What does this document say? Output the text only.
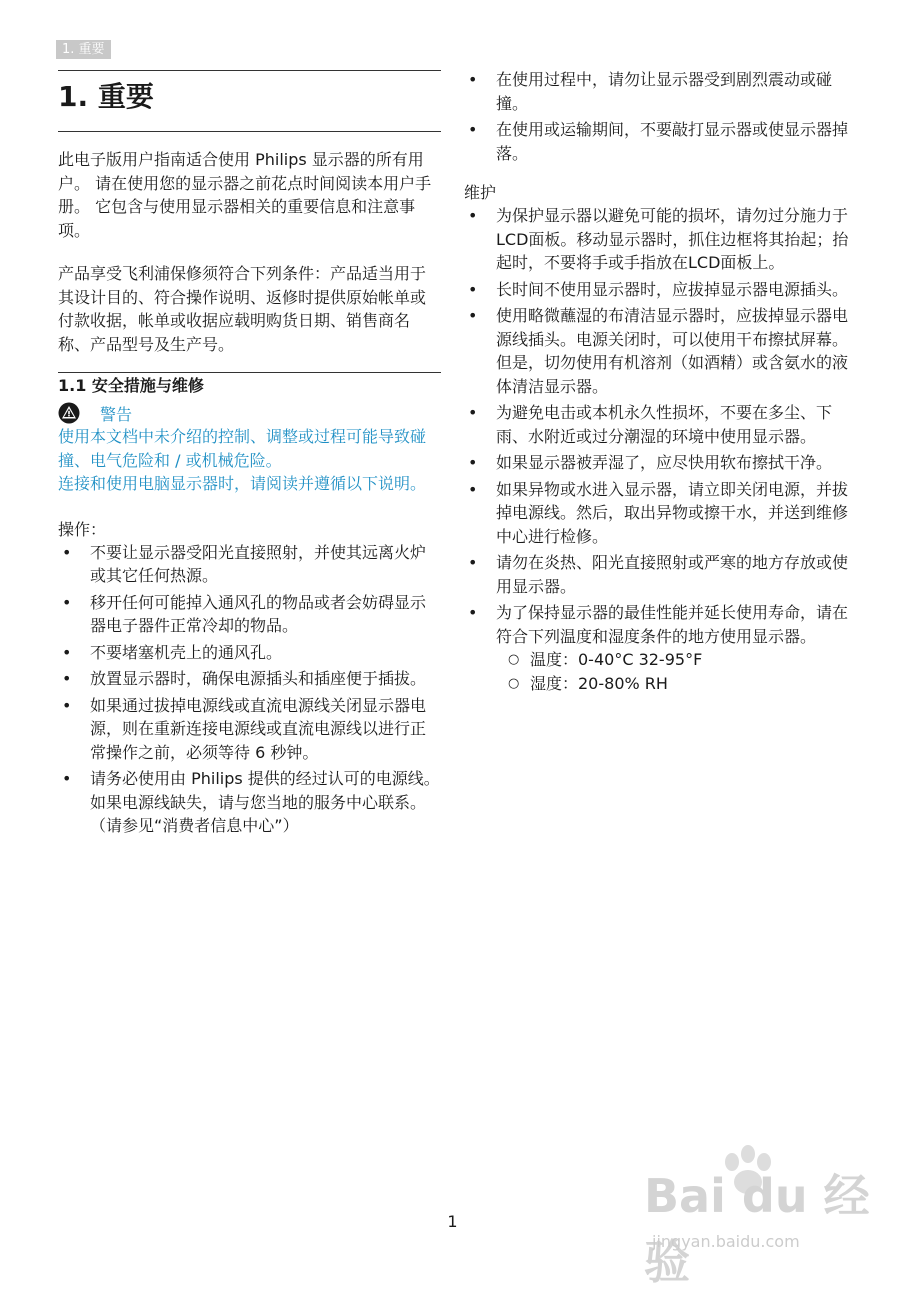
1. 重要
1. 重要

此电子版用户指南适合使用 Philips 显示器的所有用户。 请在使用您的显示器之前花点时间阅读本用户手册。 它包含与使用显示器相关的重要信息和注意事项。

产品享受飞利浦保修须符合下列条件：产品适当用于其设计目的、符合操作说明、返修时提供原始帐单或付款收据，帐单或收据应载明购货日期、销售商名称、产品型号及生产号。

1.1 安全措施与维修
警告

使用本文档中未介绍的控制、调整或过程可能导致碰撞、电气危险和 / 或机械危险。

连接和使用电脑显示器时，请阅读并遵循以下说明。

操作：

• 不要让显示器受阳光直接照射，并使其远离火炉或其它任何热源。
• 移开任何可能掉入通风孔的物品或者会妨碍显示器电子器件正常冷却的物品。
• 不要堵塞机壳上的通风孔。
• 放置显示器时，确保电源插头和插座便于插拔。
• 如果通过拔掉电源线或直流电源线关闭显示器电源，则在重新连接电源线或直流电源线以进行正常操作之前，必须等待 6 秒钟。
• 请务必使用由 Philips 提供的经过认可的电源线。如果电源线缺失，请与您当地的服务中心联系。（请参见“消费者信息中心”）
• 在使用过程中，请勿让显示器受到剧烈震动或碰撞。
• 在使用或运输期间，不要敲打显示器或使显示器掉落。

维护

• 为保护显示器以避免可能的损坏，请勿过分施力于LCD面板。移动显示器时，抓住边框将其抬起；抬起时，不要将手或手指放在LCD面板上。
• 长时间不使用显示器时，应拔掉显示器电源插头。
• 使用略微蘸湿的布清洁显示器时，应拔掉显示器电源线插头。电源关闭时，可以使用干布擦拭屏幕。但是，切勿使用有机溶剂（如酒精）或含氨水的液体清洁显示器。
• 为避免电击或本机永久性损坏，不要在多尘、下雨、水附近或过分潮湿的环境中使用显示器。
• 如果显示器被弄湿了，应尽快用软布擦拭干净。
• 如果异物或水进入显示器，请立即关闭电源，并拔掉电源线。然后，取出异物或擦干水，并送到维修中心进行检修。
• 请勿在炎热、阳光直接照射或严寒的地方存放或使用显示器。
• 为了保持显示器的最佳性能并延长使用寿命，请在符合下列温度和湿度条件的地方使用显示器。
○ 温度：0-40°C 32-95°F
○ 湿度：20-80% RH
1	Bai du 经验
jingyan.baidu.com
